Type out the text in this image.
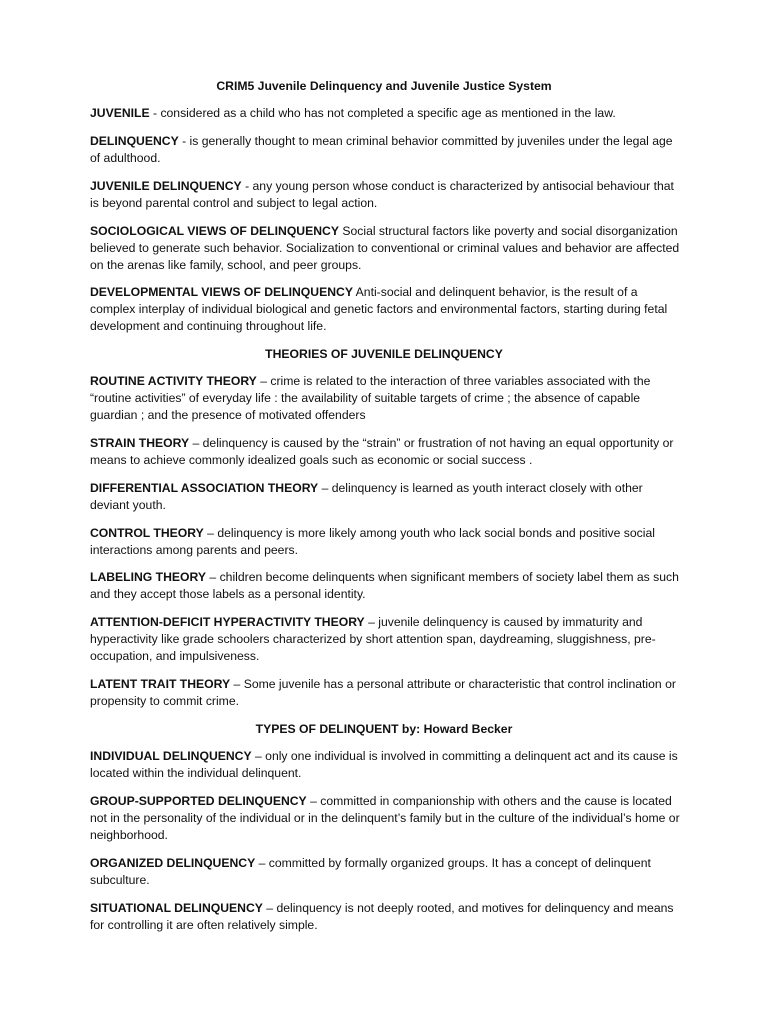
CRIM5 Juvenile Delinquency and Juvenile Justice System

JUVENILE - considered as a child who has not completed a specific age as mentioned in the law.

DELINQUENCY - is generally thought to mean criminal behavior committed by juveniles under the legal age of adulthood.

JUVENILE DELINQUENCY - any young person whose conduct is characterized by antisocial behaviour that is beyond parental control and subject to legal action.

SOCIOLOGICAL VIEWS OF DELINQUENCY Social structural factors like poverty and social disorganization believed to generate such behavior. Socialization to conventional or criminal values and behavior are affected on the arenas like family, school, and peer groups.

DEVELOPMENTAL VIEWS OF DELINQUENCY Anti-social and delinquent behavior, is the result of a complex interplay of individual biological and genetic factors and environmental factors, starting during fetal development and continuing throughout life.

THEORIES OF JUVENILE DELINQUENCY

ROUTINE ACTIVITY THEORY – crime is related to the interaction of three variables associated with the “routine activities” of everyday life : the availability of suitable targets of crime ; the absence of capable guardian ; and the presence of motivated offenders

STRAIN THEORY – delinquency is caused by the “strain” or frustration of not having an equal opportunity or means to achieve commonly idealized goals such as economic or social success .

DIFFERENTIAL ASSOCIATION THEORY – delinquency is learned as youth interact closely with other deviant youth.

CONTROL THEORY – delinquency is more likely among youth who lack social bonds and positive social interactions among parents and peers.

LABELING THEORY – children become delinquents when significant members of society label them as such and they accept those labels as a personal identity.

ATTENTION-DEFICIT HYPERACTIVITY THEORY – juvenile delinquency is caused by immaturity and hyperactivity like grade schoolers characterized by short attention span, daydreaming, sluggishness, pre-occupation, and impulsiveness.

LATENT TRAIT THEORY – Some juvenile has a personal attribute or characteristic that control inclination or propensity to commit crime.

TYPES OF DELINQUENT by: Howard Becker

INDIVIDUAL DELINQUENCY – only one individual is involved in committing a delinquent act and its cause is located within the individual delinquent.

GROUP-SUPPORTED DELINQUENCY – committed in companionship with others and the cause is located not in the personality of the individual or in the delinquent’s family but in the culture of the individual’s home or neighborhood.

ORGANIZED DELINQUENCY – committed by formally organized groups. It has a concept of delinquent subculture.

SITUATIONAL DELINQUENCY – delinquency is not deeply rooted, and motives for delinquency and means for controlling it are often relatively simple.
